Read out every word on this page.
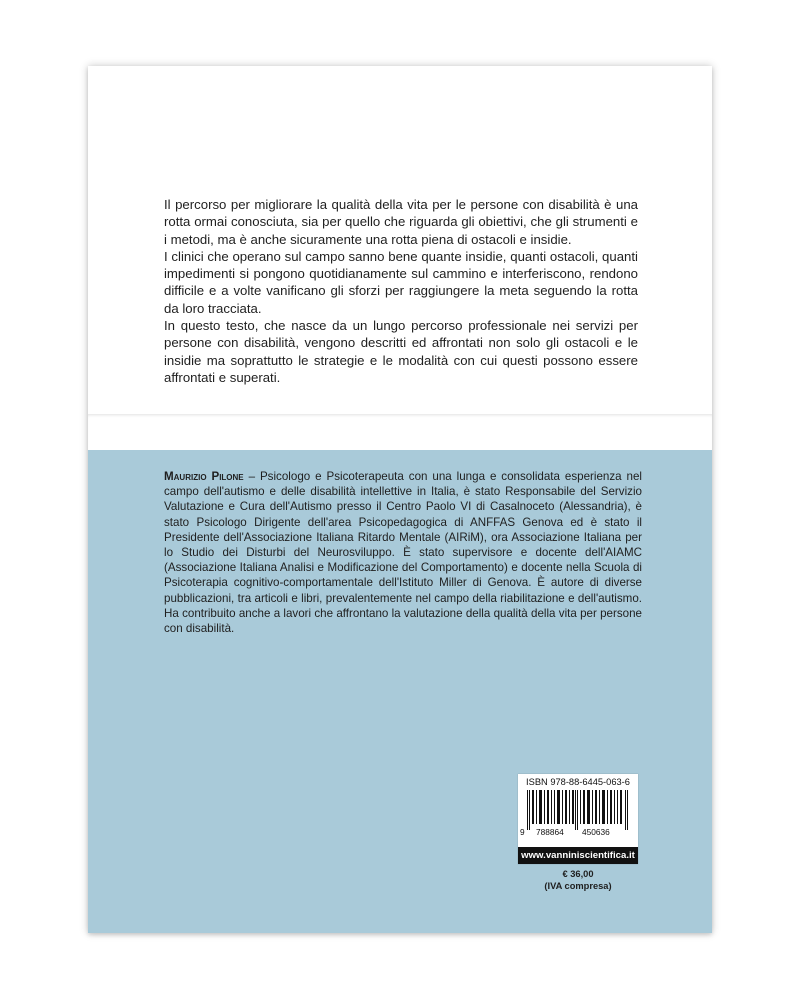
Il percorso per migliorare la qualità della vita per le persone con disabilità è una rotta ormai conosciuta, sia per quello che riguarda gli obiettivi, che gli strumenti e i metodi, ma è anche sicuramente una rotta piena di ostacoli e insidie.

I clinici che operano sul campo sanno bene quante insidie, quanti ostacoli, quanti impedimenti si pongono quotidianamente sul cammino e interferiscono, rendono difficile e a volte vanificano gli sforzi per raggiungere la meta seguendo la rotta da loro tracciata.

In questo testo, che nasce da un lungo percorso professionale nei servizi per persone con disabilità, vengono descritti ed affrontati non solo gli ostacoli e le insidie ma soprattutto le strategie e le modalità con cui questi possono essere affrontati e superati.

Maurizio Pilone – Psicologo e Psicoterapeuta con una lunga e consolidata esperienza nel campo dell'autismo e delle disabilità intellettive in Italia, è stato Responsabile del Servizio Valutazione e Cura dell'Autismo presso il Centro Paolo VI di Casalnoceto (Alessandria), è stato Psicologo Dirigente dell'area Psicopedagogica di ANFFAS Genova ed è stato il Presidente dell'Associazione Italiana Ritardo Mentale (AIRiM), ora Associazione Italiana per lo Studio dei Disturbi del Neurosviluppo. È stato supervisore e docente dell'AIAMC (Associazione Italiana Analisi e Modificazione del Comportamento) e docente nella Scuola di Psicoterapia cognitivo-comportamentale dell'Istituto Miller di Genova. È autore di diverse pubblicazioni, tra articoli e libri, prevalentemente nel campo della riabilitazione e dell'autismo. Ha contribuito anche a lavori che affrontano la valutazione della qualità della vita per persone con disabilità.
ISBN 978-88-6445-063-6
9 788864 450636
www.vanniniscientifica.it
€ 36,00
(IVA compresa)
